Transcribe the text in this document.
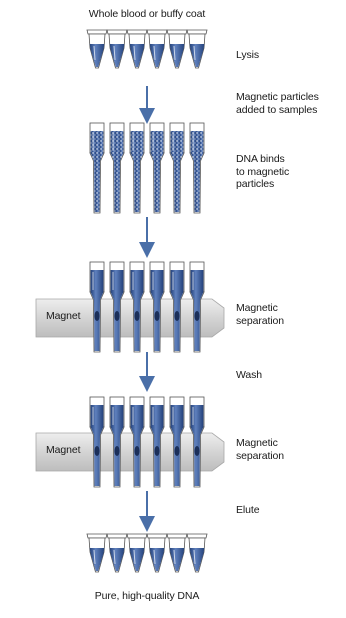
Whole blood or buffy coat
Lysis
Magnetic particles
added to samples
DNA binds
to magnetic
particles
Magnetic
separation
Wash
Magnetic
separation
Elute
Magnet
Magnet
Pure, high-quality DNA
